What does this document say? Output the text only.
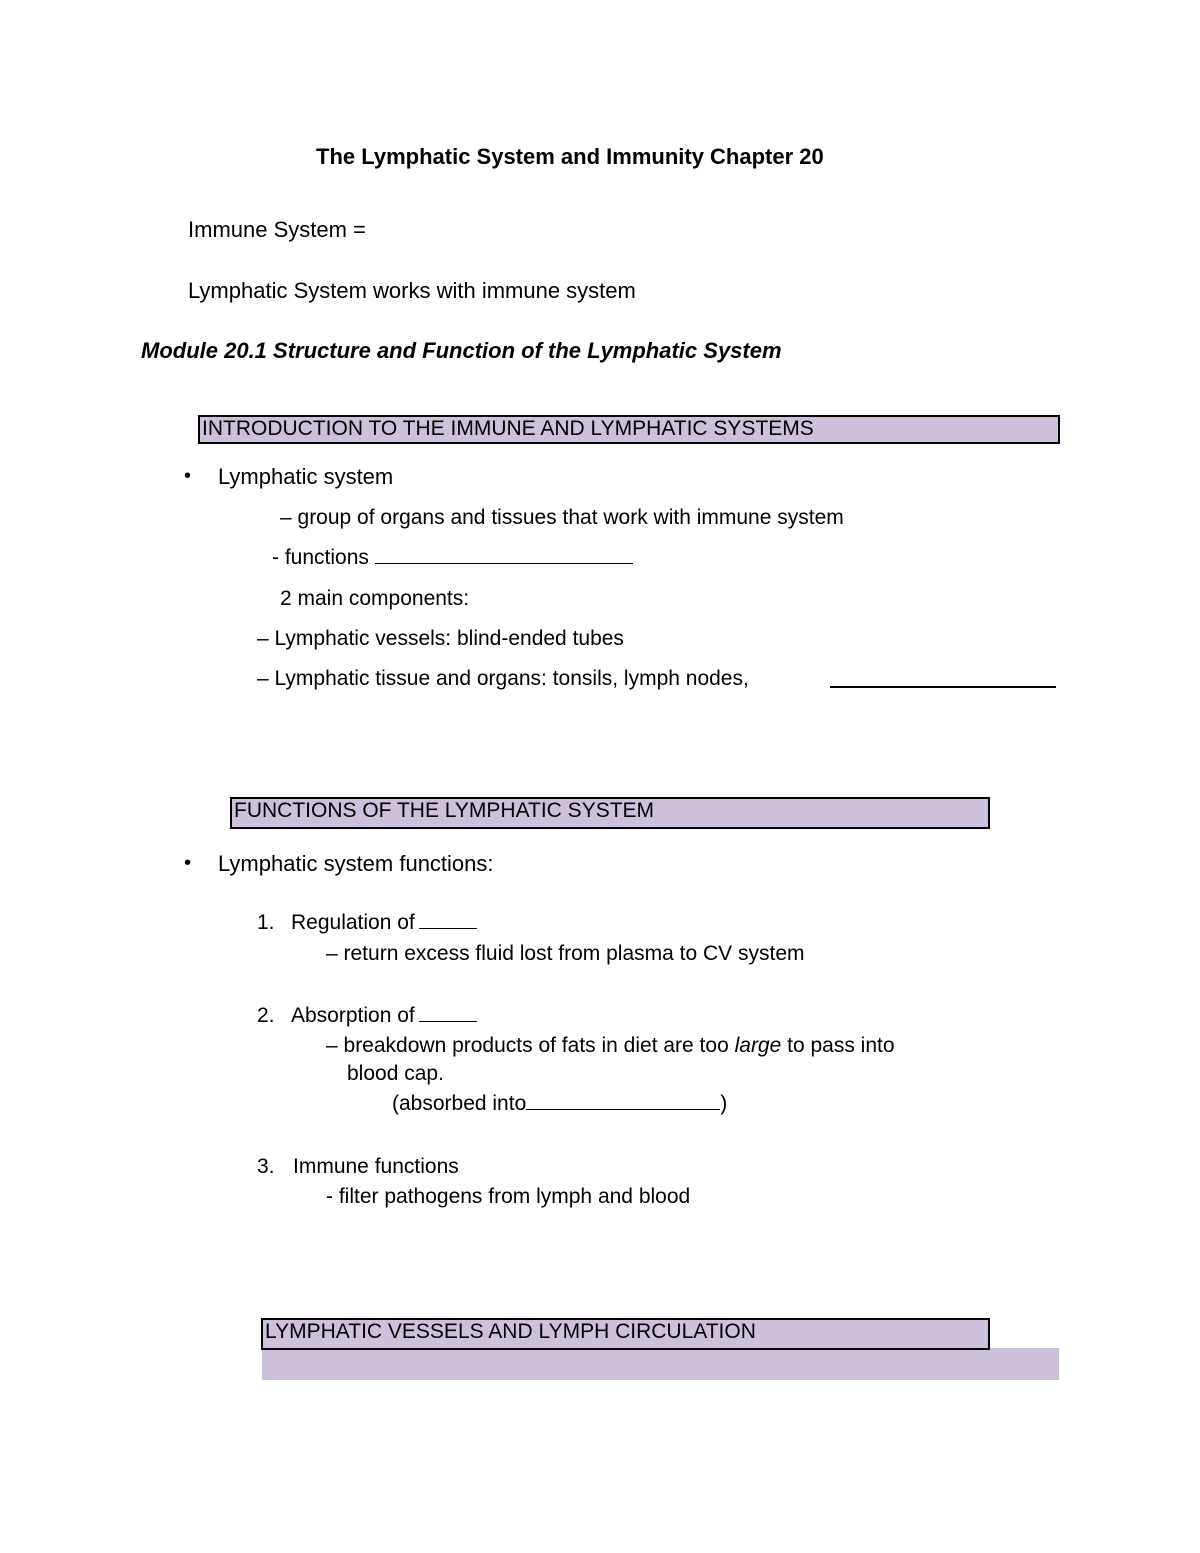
The Lymphatic System and Immunity Chapter 20
Immune System =
Lymphatic System works with immune system
Module 20.1 Structure and Function of the Lymphatic System
INTRODUCTION TO THE IMMUNE AND LYMPHATIC SYSTEMS
• Lymphatic system
– group of organs and tissues that work with immune system
- functions
2 main components:
– Lymphatic vessels: blind-ended tubes
– Lymphatic tissue and organs: tonsils, lymph nodes,
FUNCTIONS OF THE LYMPHATIC SYSTEM
• Lymphatic system functions:
1. Regulation of
– return excess fluid lost from plasma to CV system
2. Absorption of
– breakdown products of fats in diet are too large to pass into
blood cap.
(absorbed into	)
3. Immune functions
- filter pathogens from lymph and blood
LYMPHATIC VESSELS AND LYMPH CIRCULATION
